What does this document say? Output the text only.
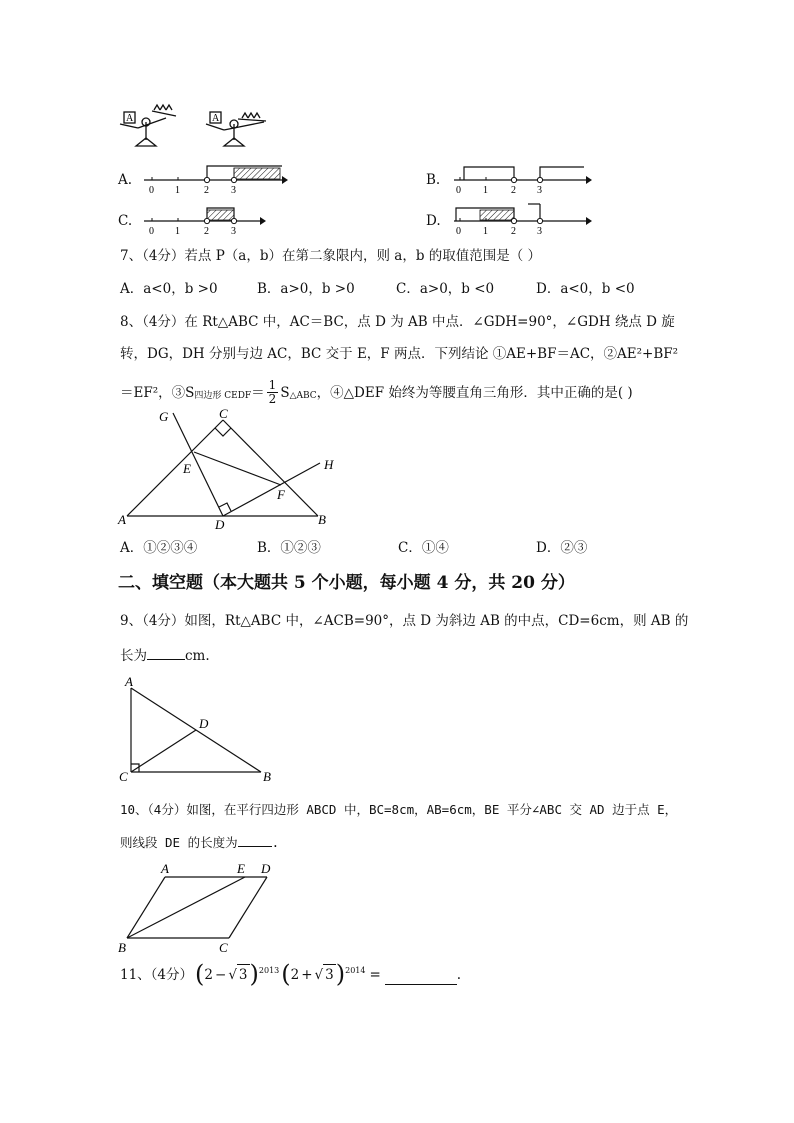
A	A
A.
0 1 2 3
B.
0 1 2 3
C.
0 1 2 3
D.
0 1 2 3
7、（4分）若点 P（a，b）在第二象限内，则 a，b 的取值范围是（ ）
A．a<0，b >0	B．a>0，b >0	C．a>0，b <0	D．a<0，b <0
8、（4分）在 Rt△ABC 中，AC＝BC，点 D 为 AB 中点．∠GDH=90°，∠GDH 绕点 D 旋
转，DG，DH 分别与边 AC，BC 交于 E，F 两点．下列结论 ①AE+BF＝AC，②AE²+BF²
＝EF²，③S 四边形 CEDF ＝ $\frac{1}{2}$ S △ABC ，④△DEF 始终为等腰直角三角形．其中正确的是( )
G	C
E	H
F
A	D	B
A．①②③④	B．①②③	C．①④	D．②③
二、填空题（本大题共 5 个小题，每小题 4 分，共 20 分）
9、（4分）如图，Rt△ABC 中，∠ACB=90°，点 D 为斜边 AB 的中点，CD=6cm，则 AB 的
长为	cm.
A
D
C	B
10、（4分）如图，在平行四边形 ABCD 中，BC=8cm，AB=6cm，BE 平分∠ABC 交 AD 边于点 E，
则线段 DE 的长度为	.
A	E D
B	C
11、（4分） ( 2 − √ 3 ) 2013 ( 2 + √ 3 ) 2014 =	.
